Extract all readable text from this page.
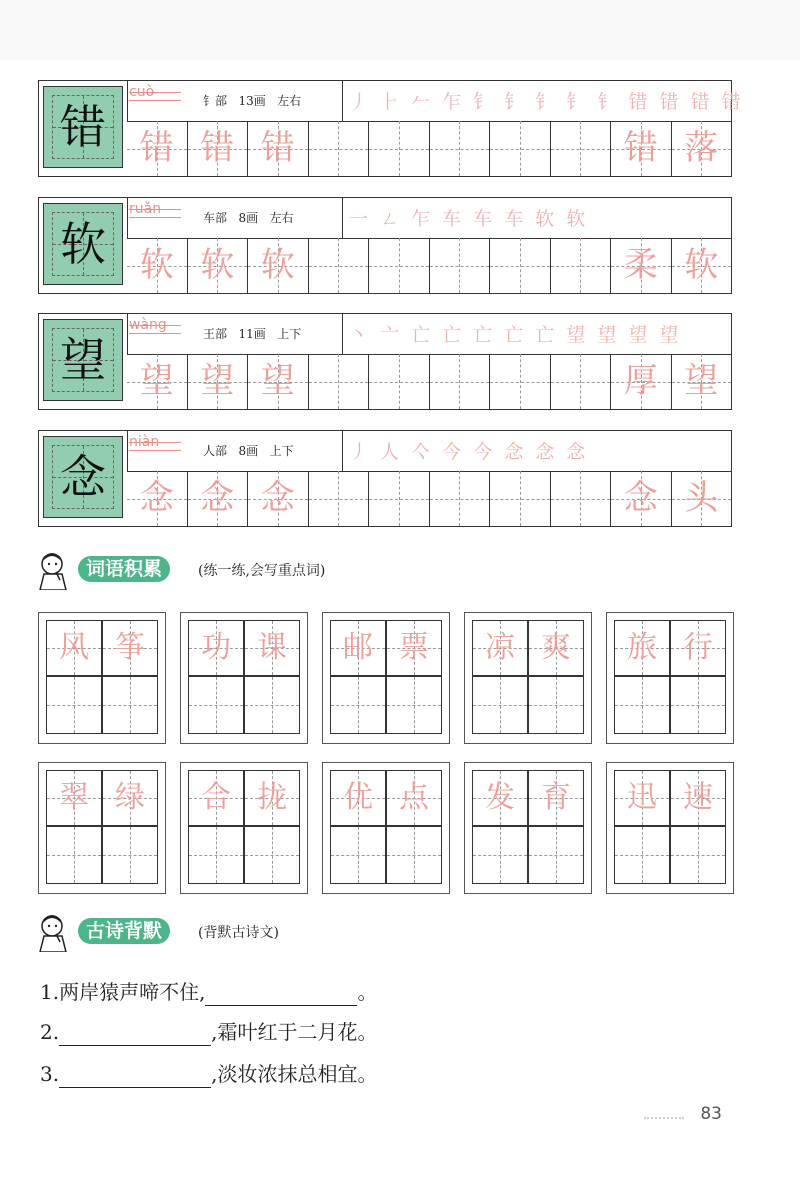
错
cuò
钅部 13画 左右	丿 ⺊ 𠂉 乍 钅 钅 钅 钅 钅 错 错 错 错
错 错 错	错 落
软
ruǎn
车部 8画 左右	一 ㄥ 乍 车 车 车 软 软
软 软 软	柔 软
望
wàng
王部 11画 上下	丶 亠 亡 亡 亡 亡 亡 望 望 望 望
望 望 望	厚 望
念
niàn
人部 8画 上下	丿 人 亽 今 今 念 念 念
念 念 念	念 头
词语积累	(练一练,会写重点词)
风 筝	功 课	邮 票	凉 爽	旅 行
翠 绿	合 拢	优 点	发 育	迅 速
古诗背默	(背默古诗文)
1.两岸猿声啼不住,	。
2.	,霜叶红于二月花。
3.	,淡妆浓抹总相宜。
83
